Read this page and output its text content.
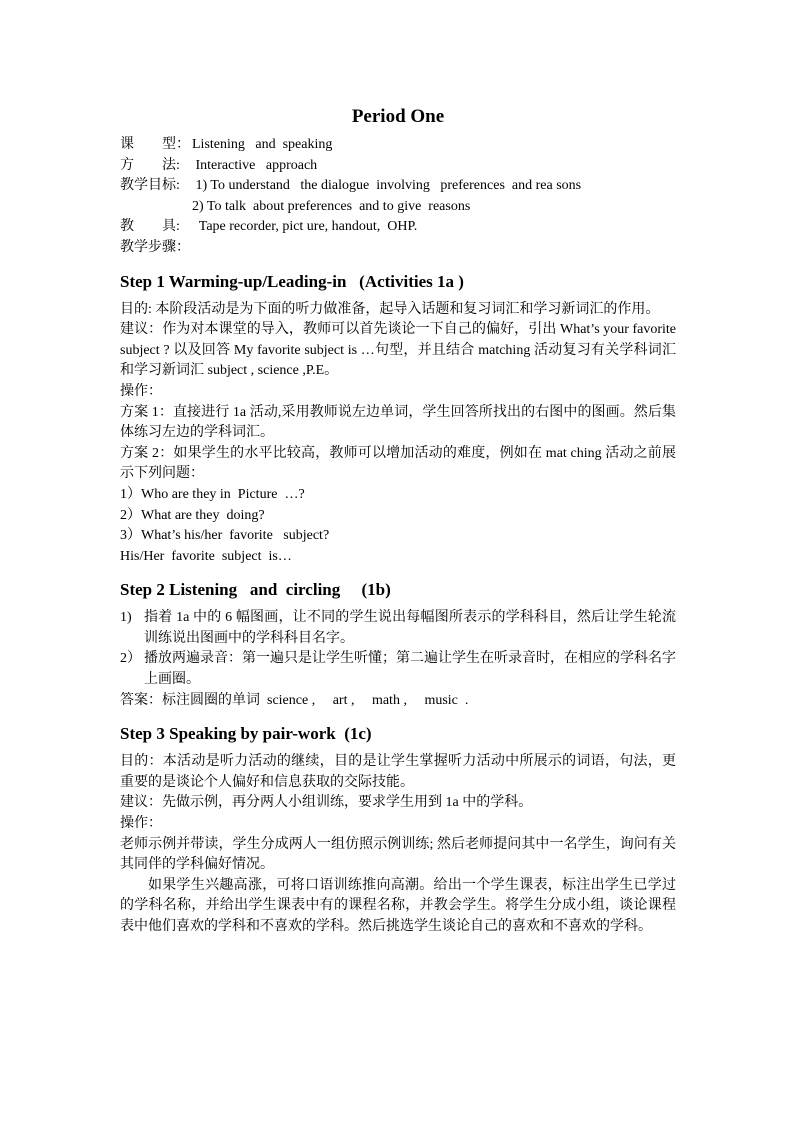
Period One
课　　型： Listening   and  speaking
方　　法: Interactive   approach
教学目标: 1) To understand   the dialogue  involving   preferences  and rea sons
2) To talk  about preferences  and to give  reasons
教　　具: Tape recorder, pict ure, handout,  OHP.
教学步骤：
Step 1 Warming-up/Leading-in   (Activities 1a )
目的: 本阶段活动是为下面的听力做准备，起导入话题和复习词汇和学习新词汇的作用。
建议：作为对本课堂的导入，教师可以首先谈论一下自己的偏好，引出 What’s your favorite subject ? 以及回答 My favorite subject is …句型，并且结合 matching 活动复习有关学科词汇和学习新词汇 subject , science ,P.E。
操作：
方案 1：直接进行 1a 活动,采用教师说左边单词，学生回答所找出的右图中的图画。然后集体练习左边的学科词汇。
方案 2：如果学生的水平比较高，教师可以增加活动的难度，例如在 mat ching 活动之前展示下列问题：
1）Who are they in  Picture  …?
2）What are they  doing?
3）What’s his/her  favorite   subject?
His/Her  favorite  subject  is…
Step 2 Listening   and  circling     (1b)
1) 指着 1a 中的 6 幅图画，让不同的学生说出每幅图所表示的学科科目，然后让学生轮流训练说出图画中的学科科目名字。
2） 播放两遍录音：第一遍只是让学生听懂；第二遍让学生在听录音时，在相应的学科名字上画圈。
答案：标注圆圈的单词  science ,     art ,     math ,     music  .
Step 3 Speaking by pair-work  (1c)
目的：本活动是听力活动的继续，目的是让学生掌握听力活动中所展示的词语，句法，更重要的是谈论个人偏好和信息获取的交际技能。
建议：先做示例，再分两人小组训练，要求学生用到 1a 中的学科。
操作：
老师示例并带读，学生分成两人一组仿照示例训练; 然后老师提问其中一名学生，询问有关其同伴的学科偏好情况。
如果学生兴趣高涨，可将口语训练推向高潮。给出一个学生课表，标注出学生已学过的学科名称，并给出学生课表中有的课程名称，并教会学生。将学生分成小组，谈论课程表中他们喜欢的学科和不喜欢的学科。然后挑选学生谈论自己的喜欢和不喜欢的学科。
